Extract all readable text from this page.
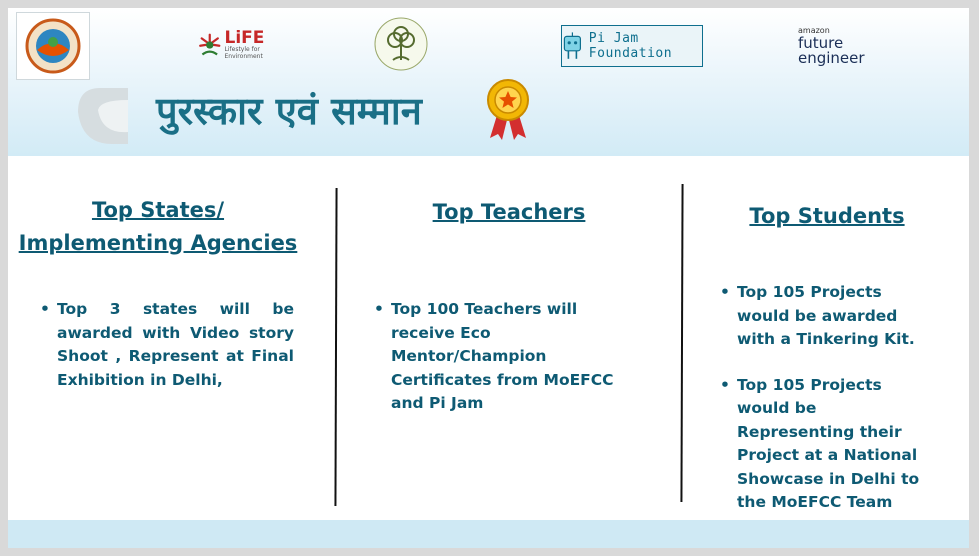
LiFE
Lifestyle for Environment
Pi Jam Foundation
amazon
future
engineer
पुरस्कार एवं सम्मान
Top States/
Implementing Agencies
• Top 3 states will be awarded with Video story Shoot , Represent at Final Exhibition in Delhi,
Top Teachers
• Top 100 Teachers will receive Eco Mentor/Champion Certificates from MoEFCC and Pi Jam
Top Students
• Top 105 Projects would be awarded with a Tinkering Kit.
• Top 105 Projects would be Representing their Project at a National Showcase in Delhi to the MoEFCC Team
